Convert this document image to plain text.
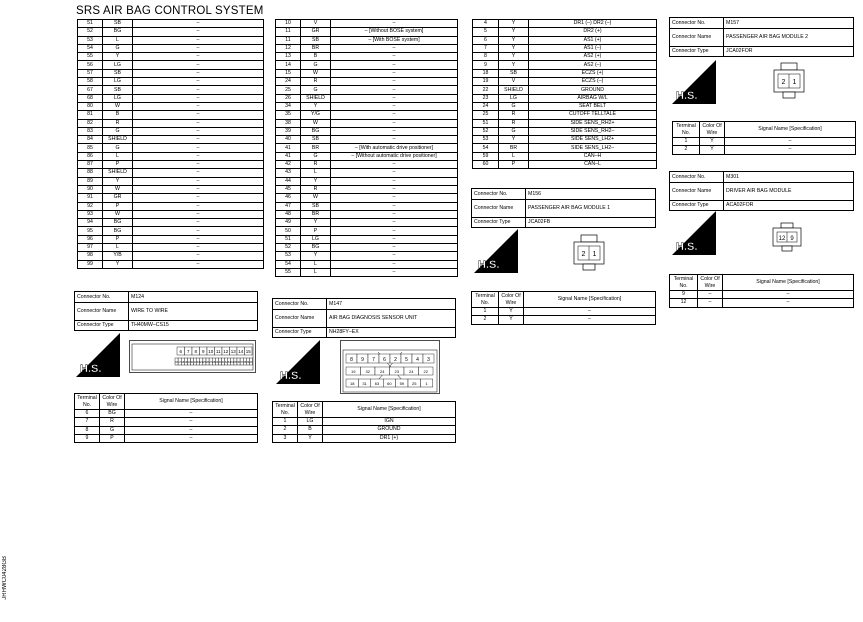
SRS AIR BAG CONTROL SYSTEM
51	SB	–
52	BG	–
53	L	–
54	G	–
55	Y	–
56	LG	–
57	SB	–
58	LG	–
67	SB	–
68	LG	–
80	W	–
81	B	–
82	R	–
83	G	–
84	SHIELD	–
85	G	–
86	L	–
87	P	–
88	SHIELD	–
89	Y	–
90	W	–
91	GR	–
92	P	–
93	W	–
94	BG	–
95	BG	–
96	P	–
97	L	–
98	Y/B	–
99	Y	–
10	V	–
11	GR	– [Without BOSE system]
11	SB	– [With BOSE system]
12	BR	–
13	B	–
14	G	–
15	W	–
24	R	–
25	G	–
26	SHIELD	–
34	Y	–
35	Y/G	–
38	W	–
39	BG	–
40	SB	–
41	BR	– [With automatic drive positioner]
41	G	– [Without automatic drive positioner]
42	R	–
43	L	–
44	Y	–
45	R	–
46	W	–
47	SB	–
48	BR	–
49	Y	–
50	P	–
51	LG	–
52	BG	–
53	Y	–
54	L	–
55	L	–
4	Y	DR1 (–) DR2 (–)
5	Y	DR2 (+)
6	Y	AS1 (+)
7	Y	AS1 (–)
8	Y	AS2 (+)
9	Y	AS2 (–)
18	SB	ECZS (+)
19	V	ECZS (–)
22	SHIELD	GROUND
23	LG	AIRBAG W/L
24	G	SEAT BELT
25	R	CUTOFF TELLTALE
51	R	SIDE SENS_RH2+
52	G	SIDE SENS_RH2–
53	Y	SIDE SENS_LH2+
54	BR	SIDE SENS_LH2–
59	L	CAN–H
60	P	CAN–L
Connector No.	M124
Connector Name	WIRE TO WIRE
Connector Type	TH40MW–CS15
H.S.
6 7 8 9 10 11 12 13 14 15
16 17 18 19 20 21 22 23 24 25 26 27 28 29 30 31 32 33 34 35 36 37 38 39 40
Terminal No.	Color Of Wire	Signal Name [Specification]
6	BG	–
7	R	–
8	G	–
9	P	–
Connector No.	M147
Connector Name	AIR BAG DIAGNOSIS SENSOR UNIT
Connector Type	NH28FY–EX
H.S.
8 9 7 6 2 5 4 3
19	32	24	23	24	22
18 31 63 60 59 25 1
Terminal No.	Color Of Wire	Signal Name [Specification]
1	LG	IGN
2	B	GROUND
3	Y	DR1 (+)
Connector No.	M156
Connector Name	PASSENGER AIR BAG MODULE 1
Connector Type	JCA02FB
H.S.
2 1
Terminal No.	Color Of Wire	Signal Name [Specification]
1	Y	–
2	Y	–
Connector No.	M157
Connector Name	PASSENGER AIR BAG MODULE 2
Connector Type	JCA02FOR
H.S.
2 1
Terminal No.	Color Of Wire	Signal Name [Specification]
1	Y	–
2	Y	–
Connector No.	M301
Connector Name	DRIVER AIR BAG MODULE
Connector Type	ACA02FOR
H.S.
12 9
Terminal No.	Color Of Wire	Signal Name [Specification]
9	–	–
12	–	–
JRHWC0428GB
